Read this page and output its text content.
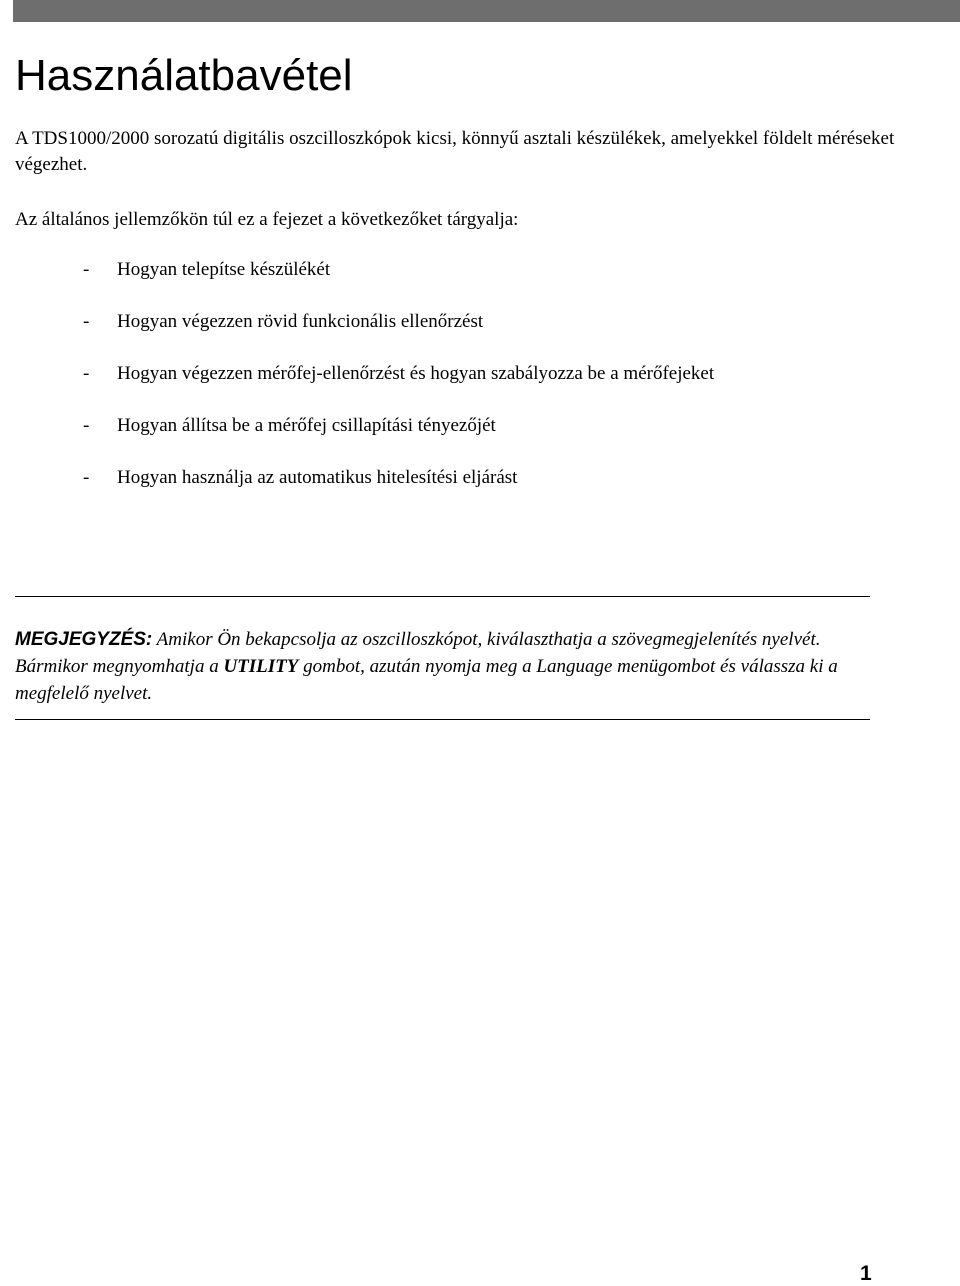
Használatbavétel

A TDS1000/2000 sorozatú digitális oszcilloszkópok kicsi, könnyű asztali készülékek, amelyekkel földelt méréseket végezhet.

Az általános jellemzőkön túl ez a fejezet a következőket tárgyalja:

- Hogyan telepítse készülékét
- Hogyan végezzen rövid funkcionális ellenőrzést
- Hogyan végezzen mérőfej-ellenőrzést és hogyan szabályozza be a mérőfejeket
- Hogyan állítsa be a mérőfej csillapítási tényezőjét
- Hogyan használja az automatikus hitelesítési eljárást

MEGJEGYZÉS: Amikor Ön bekapcsolja az oszcilloszkópot, kiválaszthatja a szövegmegjelenítés nyelvét. Bármikor megnyomhatja a UTILITY gombot, azután nyomja meg a Language menügombot és válassza ki a megfelelő nyelvet.

1
